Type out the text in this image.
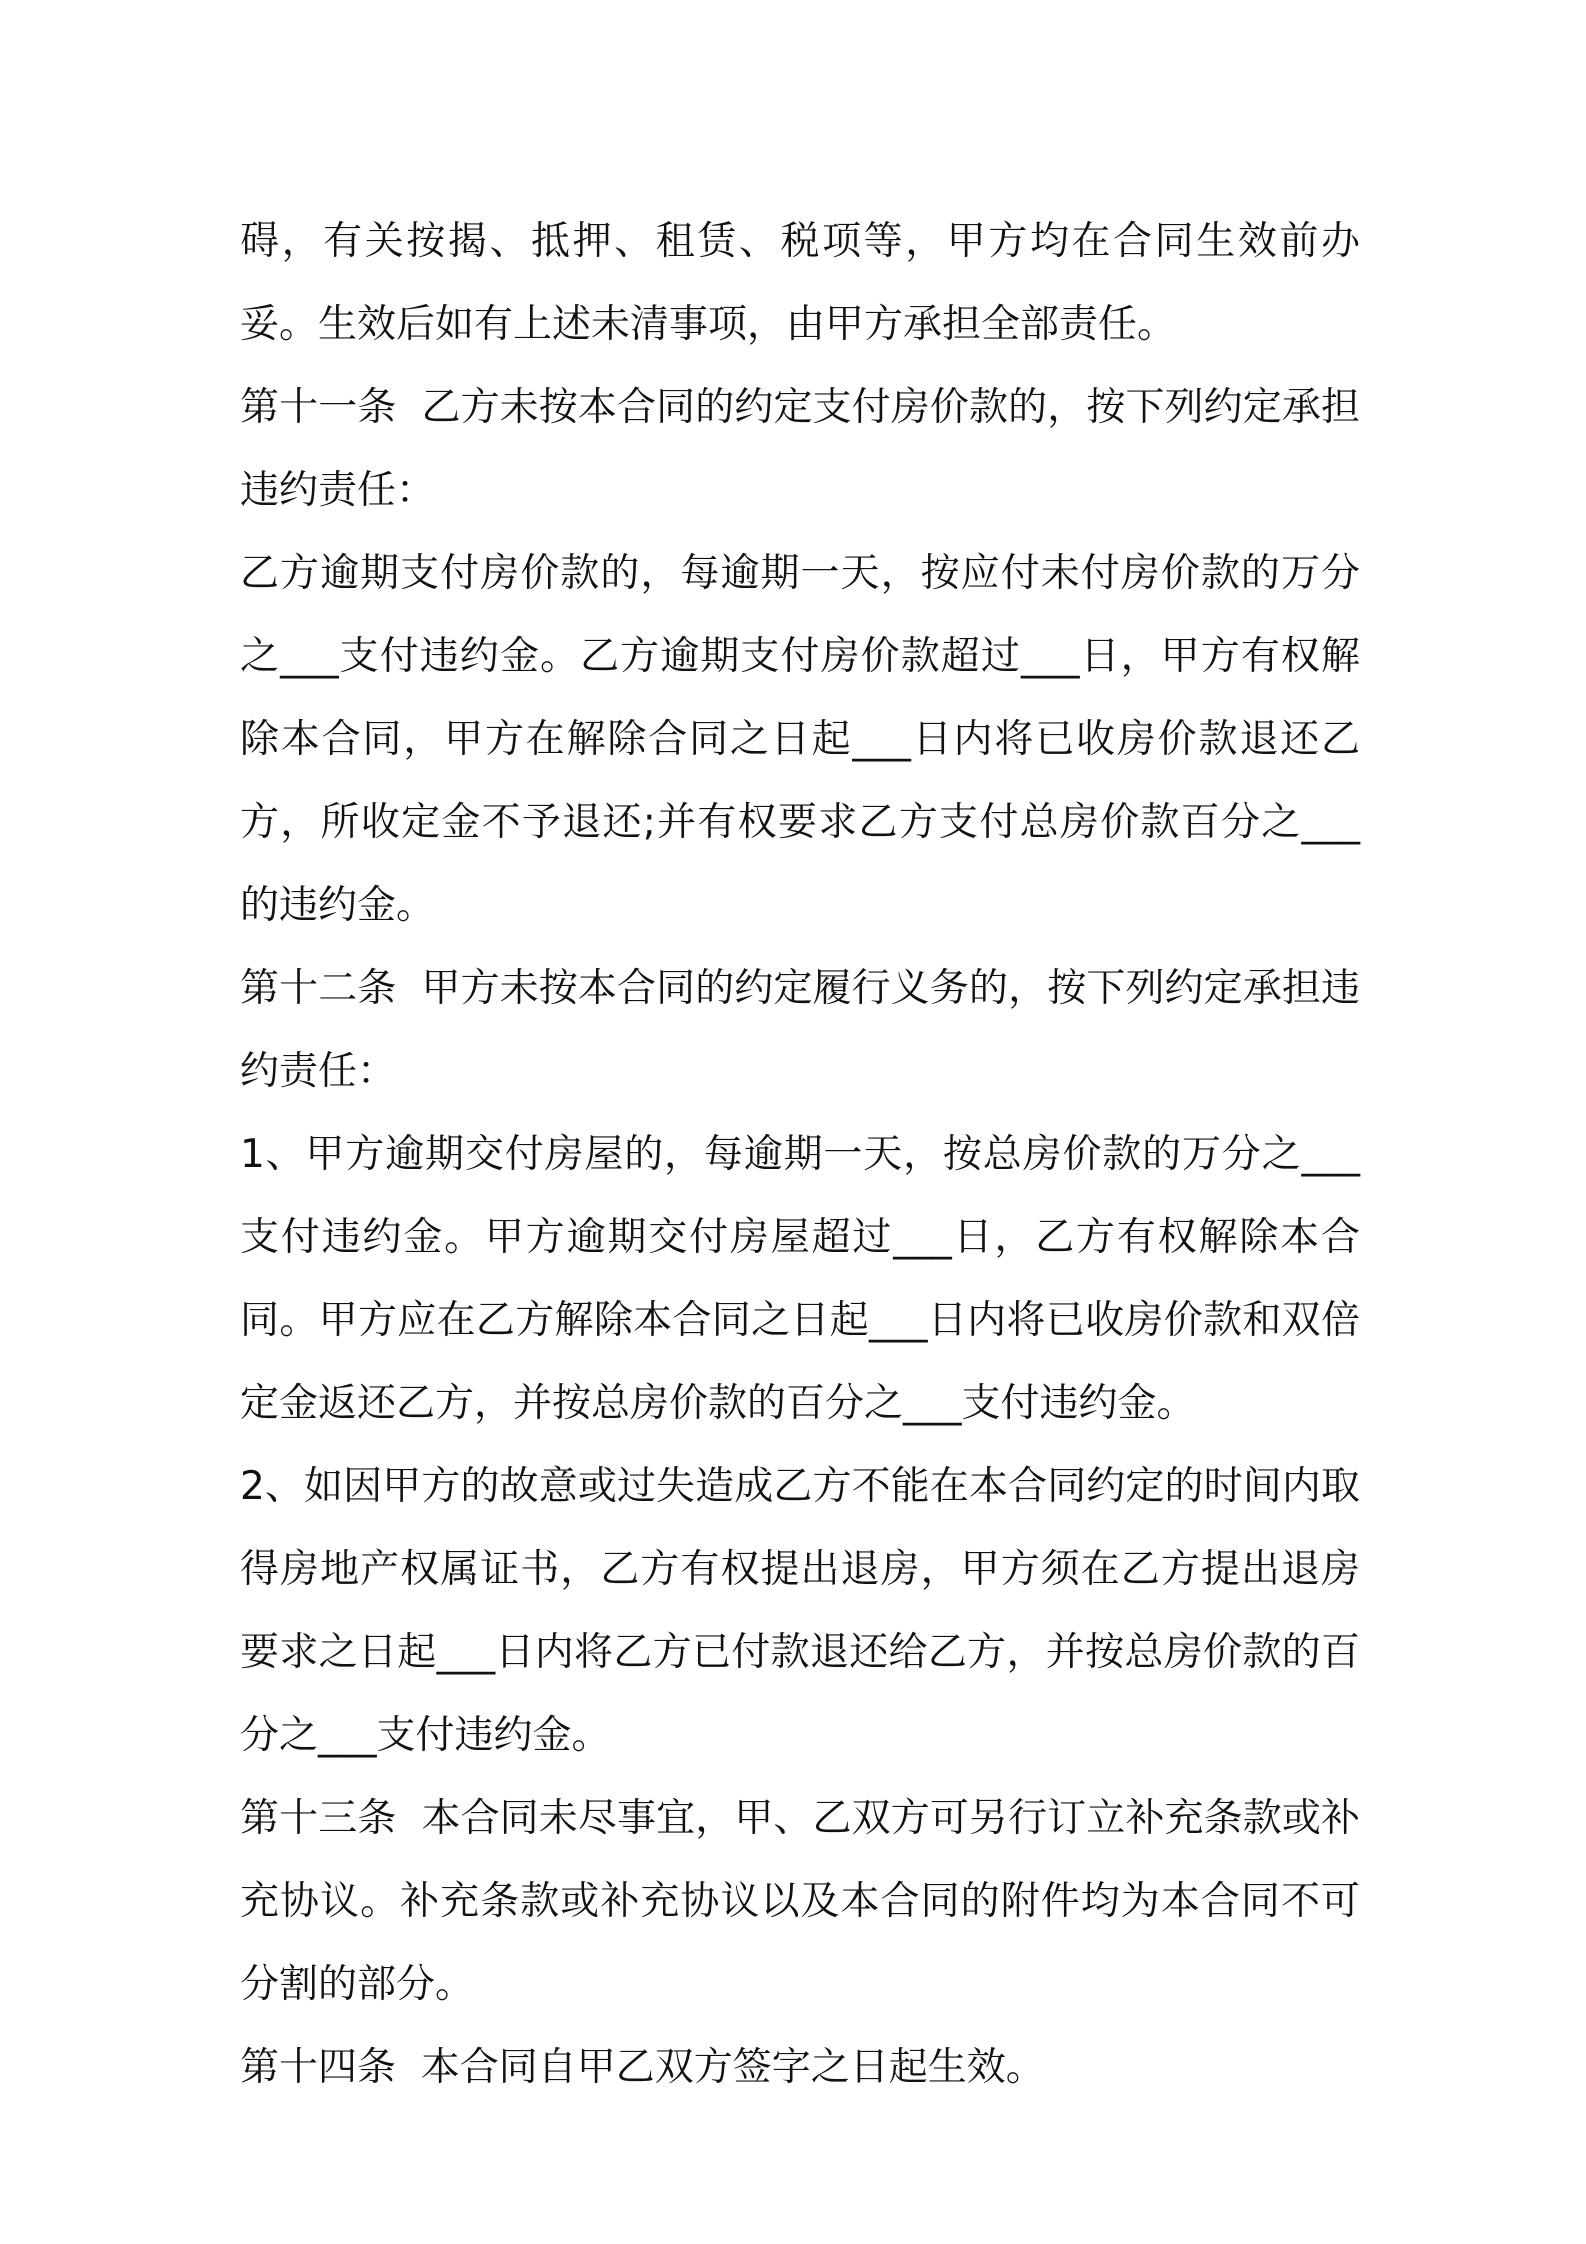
碍，有关按揭、抵押、租赁、税项等，甲方均在合同生效前办妥。生效后如有上述未清事项，由甲方承担全部责任。

第十一条  乙方未按本合同的约定支付房价款的，按下列约定承担违约责任：

乙方逾期支付房价款的，每逾期一天，按应付未付房价款的万分之___支付违约金。乙方逾期支付房价款超过___日，甲方有权解除本合同，甲方在解除合同之日起___日内将已收房价款退还乙方，所收定金不予退还;并有权要求乙方支付总房价款百分之___的违约金。

第十二条  甲方未按本合同的约定履行义务的，按下列约定承担违约责任：

1、甲方逾期交付房屋的，每逾期一天，按总房价款的万分之___支付违约金。甲方逾期交付房屋超过___日，乙方有权解除本合同。甲方应在乙方解除本合同之日起___日内将已收房价款和双倍定金返还乙方，并按总房价款的百分之___支付违约金。

2、如因甲方的故意或过失造成乙方不能在本合同约定的时间内取得房地产权属证书，乙方有权提出退房，甲方须在乙方提出退房要求之日起___日内将乙方已付款退还给乙方，并按总房价款的百分之___支付违约金。

第十三条  本合同未尽事宜，甲、乙双方可另行订立补充条款或补充协议。补充条款或补充协议以及本合同的附件均为本合同不可分割的部分。

第十四条  本合同自甲乙双方签字之日起生效。
